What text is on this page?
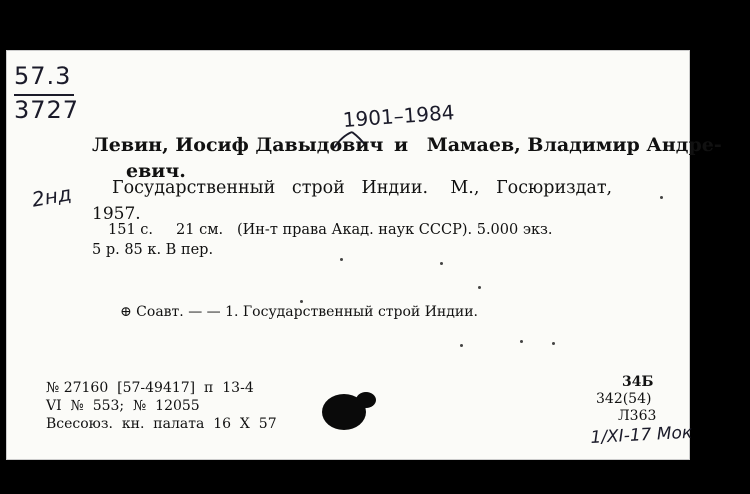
57.3
3727	1901–1984
Левин, Иосиф Давыдович и Мамаев, Владимир Андре-
евич.
2нд Государственный   строй   Индии.    М.,   Госюриздат,
1957.
151 с.     21 см.   (Ин-т права Акад. наук СССР). 5.000 экз.
5 р. 85 к. В пер.
⊕ Соавт. — — 1. Государственный строй Индии.
№ 27160  [57-49417]  п  13-4
VI  №  553;  №  12055
Всесоюз.  кн.  палата  16  X  57
34Б
342(54)
Л363
1/XI-17 Мок
